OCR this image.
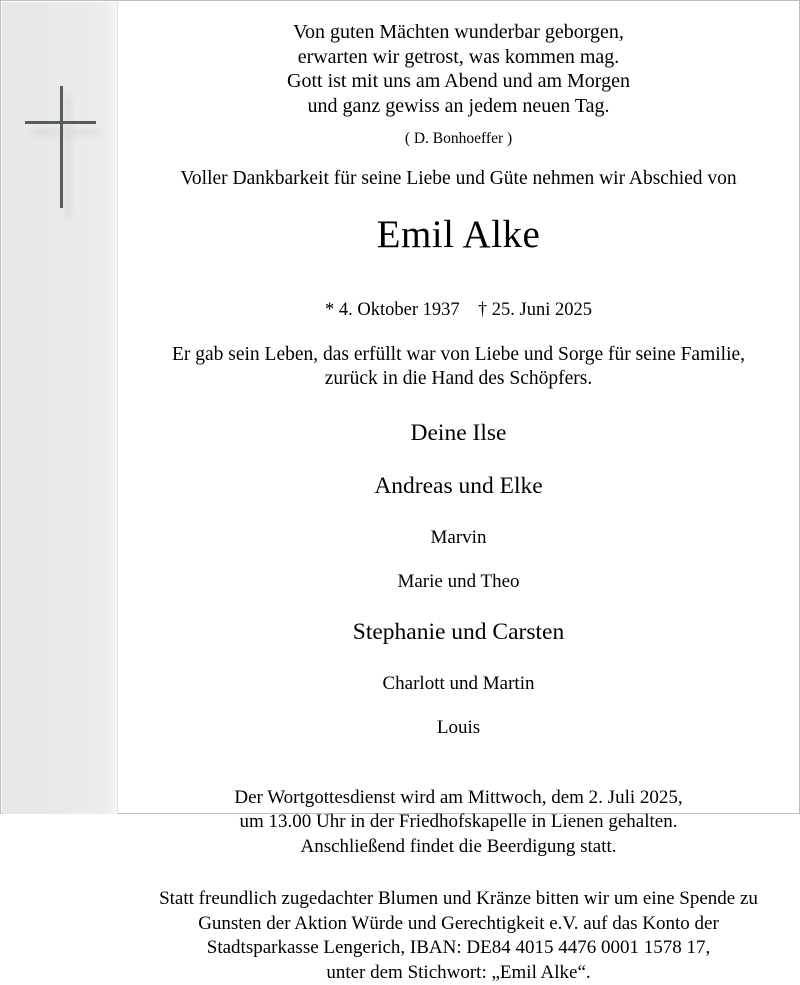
Von guten Mächten wunderbar geborgen,

erwarten wir getrost, was kommen mag.

Gott ist mit uns am Abend und am Morgen

und ganz gewiss an jedem neuen Tag.

( D. Bonhoeffer )

Voller Dankbarkeit für seine Liebe und Güte nehmen wir Abschied von

Emil Alke

* 4. Oktober 1937 † 25. Juni 2025

Er gab sein Leben, das erfüllt war von Liebe und Sorge für seine Familie,

zurück in die Hand des Schöpfers.

Deine Ilse

Andreas und Elke

Marvin

Marie und Theo

Stephanie und Carsten

Charlott und Martin

Louis

Der Wortgottesdienst wird am Mittwoch, dem 2. Juli 2025,

um 13.00 Uhr in der Friedhofskapelle in Lienen gehalten.

Anschließend findet die Beerdigung statt.

Statt freundlich zugedachter Blumen und Kränze bitten wir um eine Spende zu

Gunsten der Aktion Würde und Gerechtigkeit e.V. auf das Konto der

Stadtsparkasse Lengerich, IBAN: DE84 4015 4476 0001 1578 17,

unter dem Stichwort: „Emil Alke“.
